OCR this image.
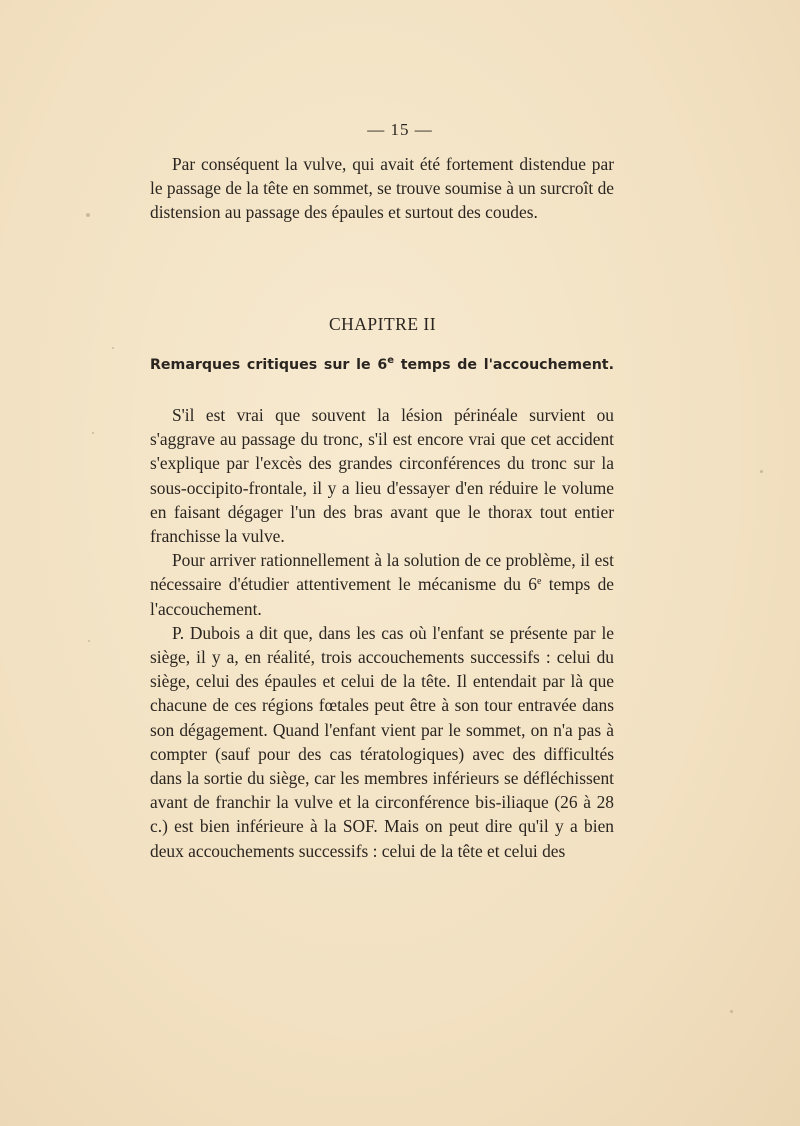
— 15 —

Par conséquent la vulve, qui avait été fortement distendue par le passage de la tête en sommet, se trouve soumise à un surcroît de distension au passage des épaules et surtout des coudes.

CHAPITRE II
Remarques critiques sur le 6e temps de l'accouchement.

S'il est vrai que souvent la lésion périnéale survient ou s'aggrave au passage du tronc, s'il est encore vrai que cet accident s'explique par l'excès des grandes circonférences du tronc sur la sous-occipito-frontale, il y a lieu d'essayer d'en réduire le volume en faisant dégager l'un des bras avant que le thorax tout entier franchisse la vulve.

Pour arriver rationnellement à la solution de ce problème, il est nécessaire d'étudier attentivement le mécanisme du 6e temps de l'accouchement.

P. Dubois a dit que, dans les cas où l'enfant se présente par le siège, il y a, en réalité, trois accouchements successifs : celui du siège, celui des épaules et celui de la tête. Il entendait par là que chacune de ces régions fœtales peut être à son tour entravée dans son dégagement. Quand l'enfant vient par le sommet, on n'a pas à compter (sauf pour des cas tératologiques) avec des difficultés dans la sortie du siège, car les membres inférieurs se défléchissent avant de franchir la vulve et la circonférence bis-iliaque (26 à 28 c.) est bien inférieure à la SOF. Mais on peut dire qu'il y a bien deux accouchements successifs : celui de la tête et celui des
